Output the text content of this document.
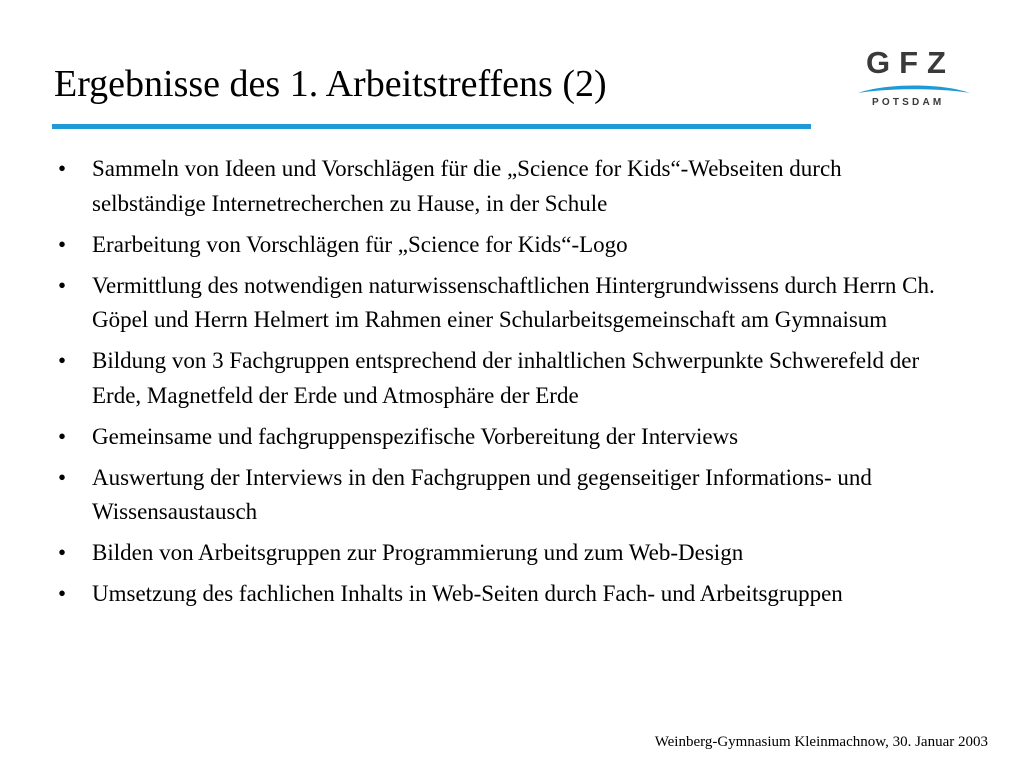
Ergebnisse des 1. Arbeitstreffens (2)
GFZ
POTSDAM
• Sammeln von Ideen und Vorschlägen für die „Science for Kids“-Webseiten durch selbständige Internetrecherchen zu Hause, in der Schule
• Erarbeitung von Vorschlägen für „Science for Kids“-Logo
• Vermittlung des notwendigen naturwissenschaftlichen Hintergrundwissens durch Herrn Ch. Göpel und Herrn Helmert im Rahmen einer Schularbeitsgemeinschaft am Gymnaisum
• Bildung von 3 Fachgruppen entsprechend der inhaltlichen Schwerpunkte Schwerefeld der Erde, Magnetfeld der Erde und Atmosphäre der Erde
• Gemeinsame und fachgruppenspezifische Vorbereitung der Interviews
• Auswertung der Interviews in den Fachgruppen und gegenseitiger Informations- und Wissensaustausch
• Bilden von Arbeitsgruppen zur Programmierung und zum Web-Design
• Umsetzung des fachlichen Inhalts in Web-Seiten durch Fach- und Arbeitsgruppen
Weinberg-Gymnasium Kleinmachnow, 30. Januar 2003
